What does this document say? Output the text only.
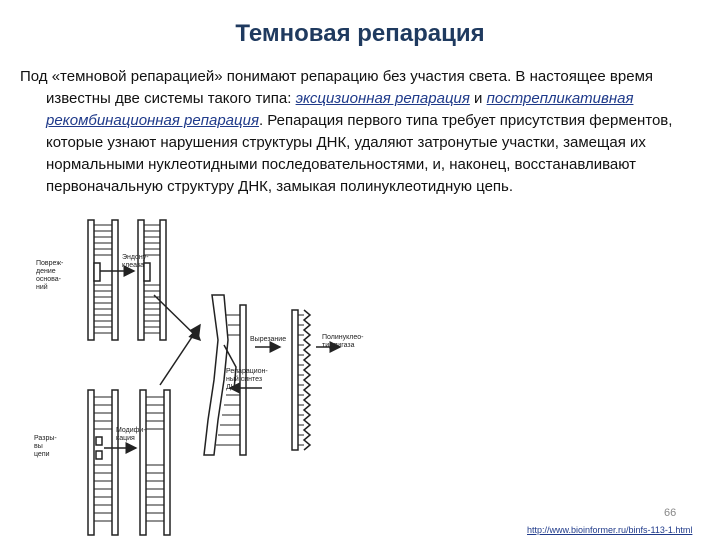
Темновая репарация

Под «темновой репарацией» понимают репарацию без участия света. В настоящее время известны две системы такого типа: эксцизионная репарация и пострепликативная рекомбинационная репарация. Репарация первого типа требует присутствия ферментов, которые узнают нарушения структуры ДНК, удаляют затронутые участки, замещая их нормальными нуклеотидными последовательностями, и, наконец, восстанавливают первоначальную структуру ДНК, замыкая полинуклеотидную цепь.

Повреж-
дение
основа-
ний
Эндону-
клеаза
Вырезание	Полинуклео-
тидлигаза
Репарацион-
ный синтез
ДНК
Разры-
вы
цепи
Модифи-
кация
66
http://www.bioinformer.ru/binfs-113-1.html
